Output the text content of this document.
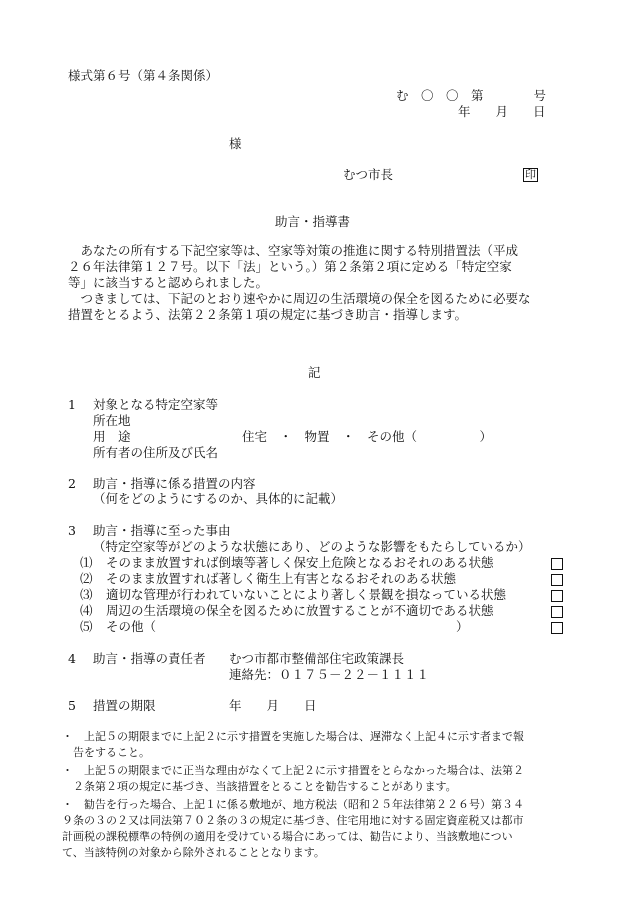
様式第６号（第４条関係）
む　〇　〇　第　　　　号
年　　月　　日
様
むつ市長	印
助言・指導書
　あなたの所有する下記空家等は、空家等対策の推進に関する特別措置法（平成
２６年法律第１２７号。以下「法」という。）第２条第２項に定める「特定空家
等」に該当すると認められました。
　つきましては、下記のとおり速やかに周辺の生活環境の保全を図るために必要な
措置をとるよう、法第２２条第１項の規定に基づき助言・指導します。
記
1 対象となる特定空家等
所在地
用　途	住宅　・　物置　・　その他（　　　　　）
所有者の住所及び氏名
2 助言・指導に係る措置の内容
（何をどのようにするのか、具体的に記載）
3 助言・指導に至った事由
（特定空家等がどのような状態にあり、どのような影響をもたらしているか）
⑴ そのまま放置すれば倒壊等著しく保安上危険となるおそれのある状態
⑵ そのまま放置すれば著しく衛生上有害となるおそれのある状態
⑶ 適切な管理が行われていないことにより著しく景観を損なっている状態
⑷ 周辺の生活環境の保全を図るために放置することが不適切である状態
⑸ その他（　　　　　　　　　　　　　　　　　　　　　　　　）
4 助言・指導の責任者 むつ市都市整備部住宅政策課長
連絡先：０１７５－２２－１１１１
5 措置の期限	年　　月　　日
・　上記５の期限までに上記２に示す措置を実施した場合は、遅滞なく上記４に示す者まで報
　告をすること。
・　上記５の期限までに正当な理由がなくて上記２に示す措置をとらなかった場合は、法第２
　２条第２項の規定に基づき、当該措置をとることを勧告することがあります。
・　勧告を行った場合、上記１に係る敷地が、地方税法（昭和２５年法律第２２６号）第３４
９条の３の２又は同法第７０２条の３の規定に基づき、住宅用地に対する固定資産税又は都市
計画税の課税標準の特例の適用を受けている場合にあっては、勧告により、当該敷地につい
て、当該特例の対象から除外されることとなります。
